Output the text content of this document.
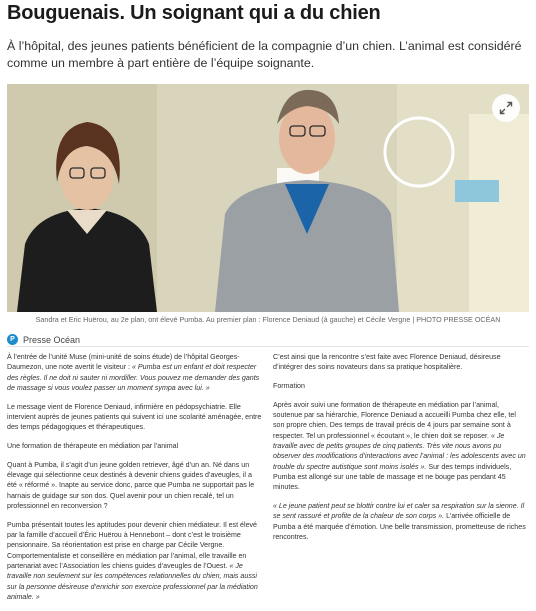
Bouguenais. Un soignant qui a du chien
À l’hôpital, des jeunes patients bénéficient de la compagnie d’un chien. L’animal est considéré comme un membre à part entière de l’équipe soignante.
Sandra et Eric Huërou, au 2e plan, ont élevé Pumba. Au premier plan : Florence Deniaud (à gauche) et Cécile Vergne | PHOTO PRESSE OCÉAN
P Presse Océan

À l’entrée de l’unité Muse (mini-unité de soins étude) de l’hôpital Georges-Daumezon, une note avertit le visiteur : « Pumba est un enfant et doit respecter des règles. Il ne doit ni sauter ni mordiller. Vous pouvez me demander des gants de massage si vous voulez passer un moment sympa avec lui. »

Le message vient de Florence Deniaud, infirmière en pédopsychiatrie. Elle intervient auprès de jeunes patients qui suivent ici une scolarité aménagée, entre des temps pédagogiques et thérapeutiques.

Une formation de thérapeute en médiation par l’animal

Quant à Pumba, il s’agit d’un jeune golden retriever, âgé d’un an. Né dans un élevage qui sélectionne ceux destinés à devenir chiens guides d’aveugles, il a été « réformé ». Inapte au service donc, parce que Pumba ne supportait pas le harnais de guidage sur son dos. Quel avenir pour un chien recalé, tel un professionnel en reconversion ?

Pumba présentait toutes les aptitudes pour devenir chien médiateur. Il est élevé par la famille d’accueil d’Éric Huërou à Hennebont – dont c’est le troisième pensionnaire. Sa réorientation est prise en charge par Cécile Vergne. Comportementaliste et conseillère en médiation par l’animal, elle travaille en partenariat avec l’Association les chiens guides d’aveugles de l’Ouest. « Je travaille non seulement sur les compétences relationnelles du chien, mais aussi sur la personne désireuse d’enrichir son exercice professionnel par la médiation animale. »

C’est ainsi que la rencontre s’est faite avec Florence Deniaud, désireuse d’intégrer des soins novateurs dans sa pratique hospitalière.

Formation

Après avoir suivi une formation de thérapeute en médiation par l’animal, soutenue par sa hiérarchie, Florence Deniaud a accueilli Pumba chez elle, tel son propre chien. Des temps de travail précis de 4 jours par semaine sont à respecter. Tel un professionnel « écoutant », le chien doit se reposer. « Je travaille avec de petits groupes de cinq patients. Très vite nous avons pu observer des modifications d’interactions avec l’animal : les adolescents avec un trouble du spectre autistique sont moins isolés ». Sur des temps individuels, Pumba est allongé sur une table de massage et ne bouge pas pendant 45 minutes.

« Le jeune patient peut se blottir contre lui et caler sa respiration sur la sienne. Il se sent rassuré et profite de la chaleur de son corps ». L’arrivée officielle de Pumba a été marquée d’émotion. Une belle transmission, prometteuse de riches rencontres.
